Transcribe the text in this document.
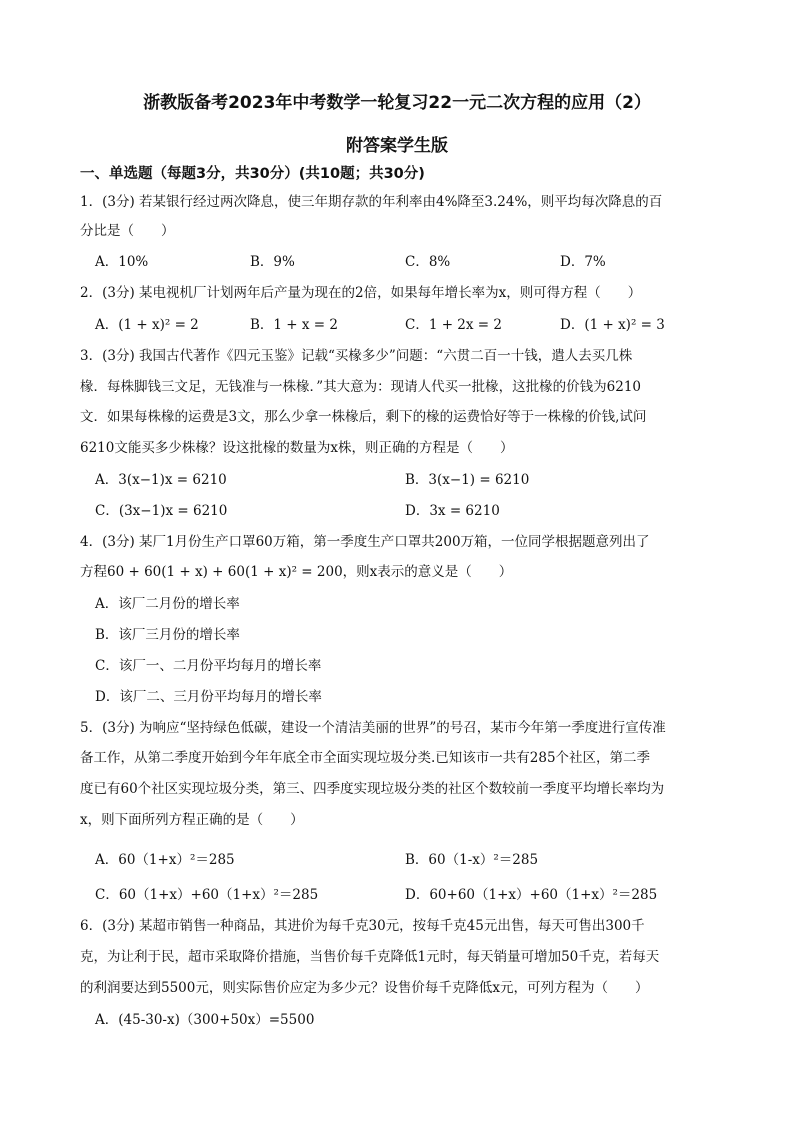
浙教版备考2023年中考数学一轮复习22一元二次方程的应用（2）
附答案学生版
一、单选题（每题3分，共30分）(共10题；共30分)
1．(3分) 若某银行经过两次降息，使三年期存款的年利率由4%降至3.24%，则平均每次降息的百
分比是（　　）
A．10%	B．9%	C．8%	D．7%
2．(3分) 某电视机厂计划两年后产量为现在的2倍，如果每年增长率为x，则可得方程（　　）
A．(1 + x)² = 2	B．1 + x = 2	C．1 + 2x = 2	D．(1 + x)² = 3
3．(3分) 我国古代著作《四元玉鉴》记载“买椽多少”问题：“六贯二百一十钱，遣人去买几株
椽．每株脚钱三文足，无钱准与一株椽．”其大意为：现请人代买一批椽，这批椽的价钱为6210
文．如果每株椽的运费是3文，那么少拿一株椽后，剩下的椽的运费恰好等于一株椽的价钱,试问
6210文能买多少株椽？设这批椽的数量为x株，则正确的方程是（　　）
A．3(x−1)x = 6210	B．3(x−1) = 6210
C．(3x−1)x = 6210	D．3x = 6210
4．(3分) 某厂1月份生产口罩60万箱，第一季度生产口罩共200万箱，一位同学根据题意列出了
方程60 + 60(1 + x) + 60(1 + x)² = 200，则x表示的意义是（　　）
A．该厂二月份的增长率
B．该厂三月份的增长率
C．该厂一、二月份平均每月的增长率
D．该厂二、三月份平均每月的增长率
5．(3分) 为响应“坚持绿色低碳，建设一个清洁美丽的世界”的号召，某市今年第一季度进行宣传准
备工作，从第二季度开始到今年年底全市全面实现垃圾分类.已知该市一共有285个社区，第二季
度已有60个社区实现垃圾分类，第三、四季度实现垃圾分类的社区个数较前一季度平均增长率均为
x，则下面所列方程正确的是（　　）
A．60（1+x）²＝285	B．60（1-x）²＝285
C．60（1+x）+60（1+x）²＝285	D．60+60（1+x）+60（1+x）²＝285
6．(3分) 某超市销售一种商品，其进价为每千克30元，按每千克45元出售，每天可售出300千
克，为让利于民，超市采取降价措施，当售价每千克降低1元时，每天销量可增加50千克，若每天
的利润要达到5500元，则实际售价应定为多少元？设售价每千克降低x元，可列方程为（　　）
A．(45-30-x)（300+50x）=5500
